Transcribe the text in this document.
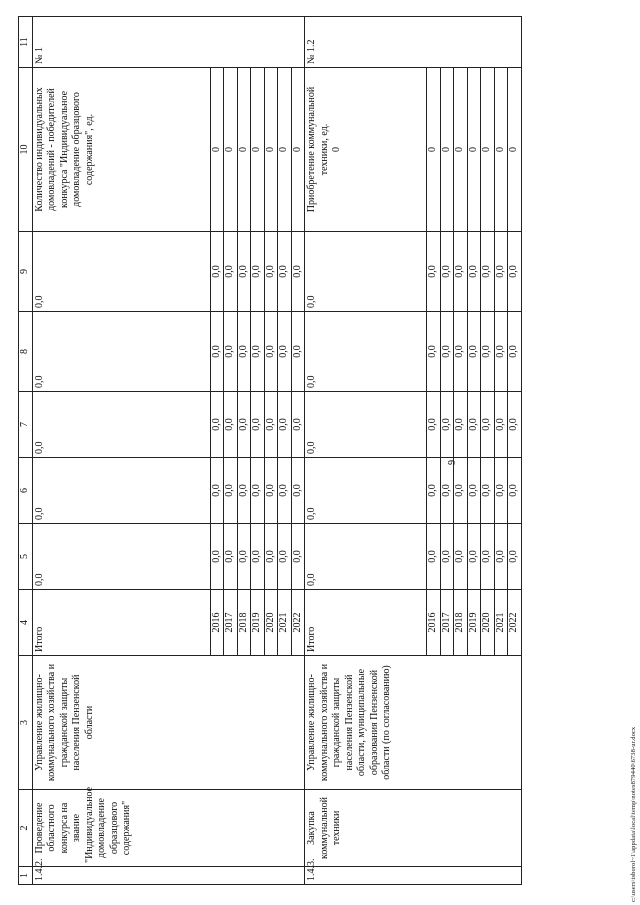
9
1	2	3	4	5	6	7	8	9	10	11
1.4.2.	Проведение областного конкурса на звание "Индивидуальное домовладение образцового содержания"	Управление жилищно-коммунального хозяйства и гражданской защиты населения Пензенской области	Итого	0,0	0,0	0,0	0,0	0,0	Количество индивидуальных домовладений - победителей конкурса "Индивидуальное домовладение образцового содержания", ед.	№ 1
			2016	0,0	0,0	0,0	0,0	0,0	0	
			2017	0,0	0,0	0,0	0,0	0,0	0	
			2018	0,0	0,0	0,0	0,0	0,0	0	
			2019	0,0	0,0	0,0	0,0	0,0	0	
			2020	0,0	0,0	0,0	0,0	0,0	0	
			2021	0,0	0,0	0,0	0,0	0,0	0	
			2022	0,0	0,0	0,0	0,0	0,0	0	
1.4.3.	Закупка коммунальной техники	Управление жилищно-коммунального хозяйства и гражданской защиты населения Пензенской области, муниципальные образования Пензенской области (по согласованию)	Итого	0,0	0,0	0,0	0,0	0,0	Приобретение коммунальной техники, ед. 0	№ 1.2
			2016	0,0	0,0	0,0	0,0	0,0	0	
			2017	0,0	0,0	0,0	0,0	0,0	0	
			2018	0,0	0,0	0,0	0,0	0,0	0	
			2019	0,0	0,0	0,0	0,0	0,0	0	
			2020	0,0	0,0	0,0	0,0	0,0	0	
			2021	0,0	0,0	0,0	0,0	0,0	0	
			2022	0,0	0,0	0,0	0,0	0,0	0	
c:\users\tsborol~1\appdata\local\temp\notes879440\6738-ur.docx
